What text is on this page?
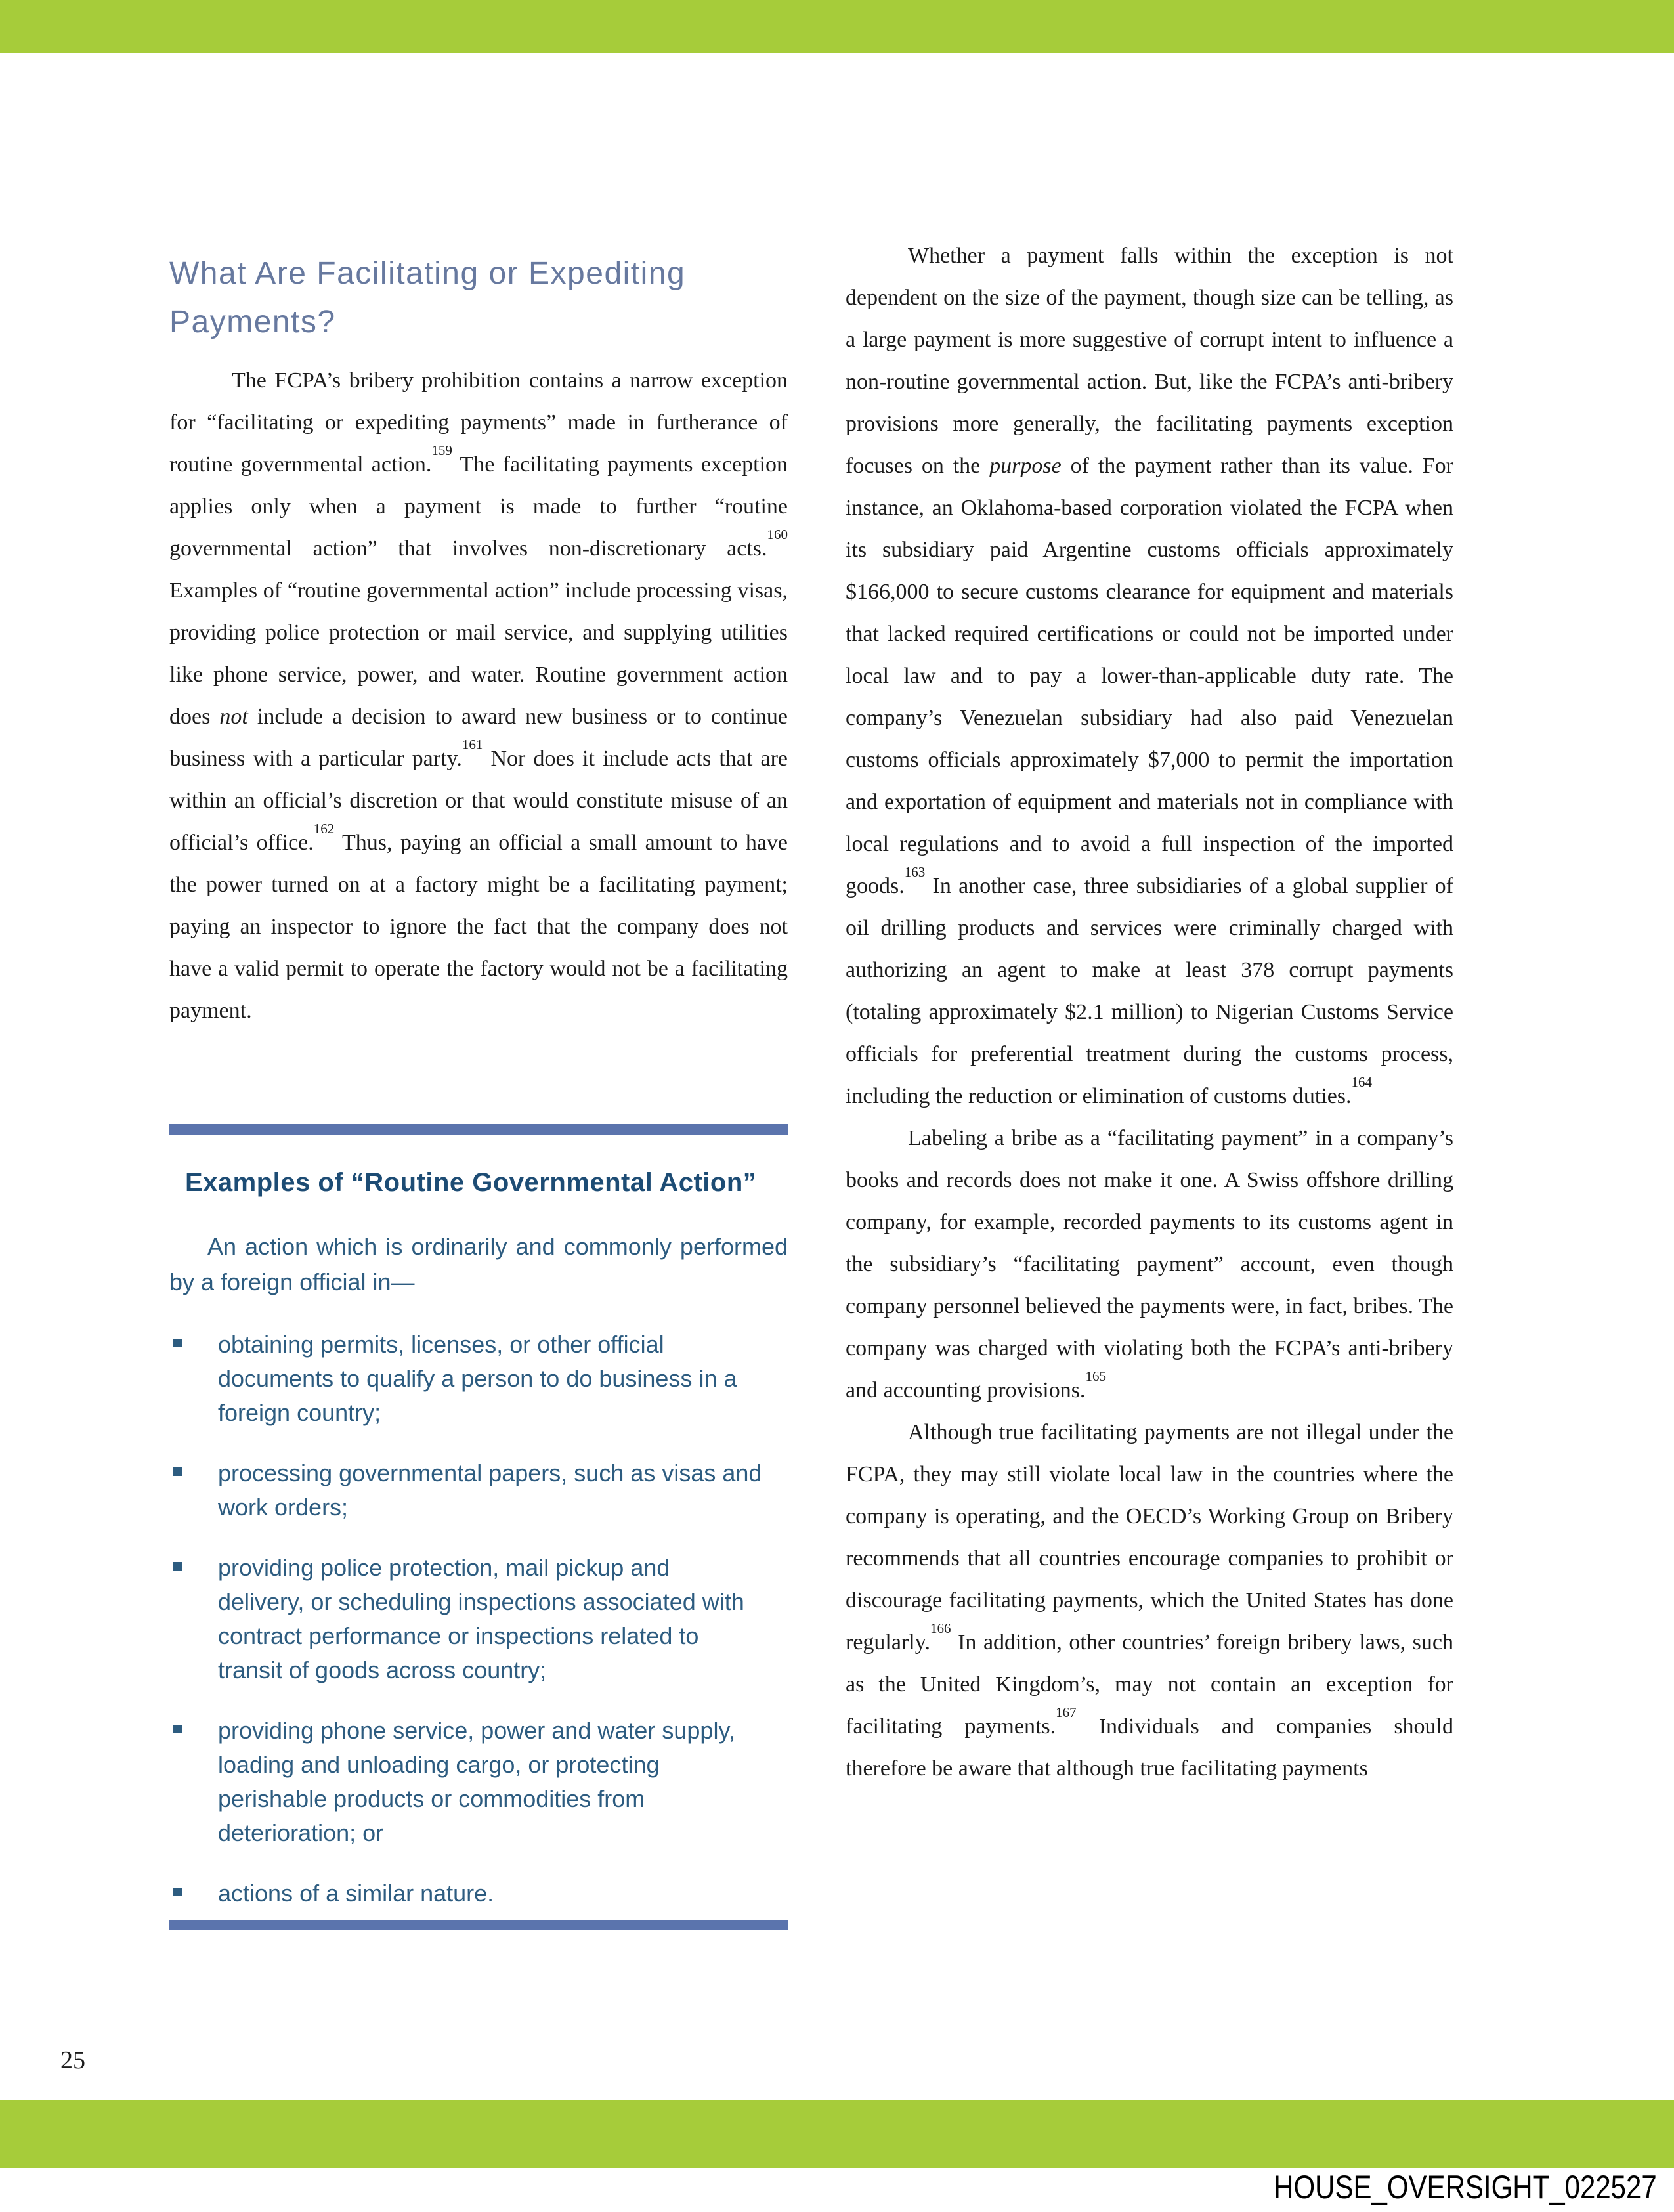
What Are Facilitating or Expediting
Payments?

The FCPA’s bribery prohibition contains a narrow exception for “facilitating or expediting payments” made in furtherance of routine governmental action.$^{159}$ The facilitating payments exception applies only when a payment is made to further “routine governmental action” that involves non-discretionary acts.$^{160}$ Examples of “routine governmental action” include processing visas, providing police protection or mail service, and supplying utilities like phone service, power, and water. Routine government action does not include a decision to award new business or to continue business with a particular party.$^{161}$ Nor does it include acts that are within an official’s discretion or that would constitute misuse of an official’s office.$^{162}$ Thus, paying an official a small amount to have the power turned on at a factory might be a facilitating payment; paying an inspector to ignore the fact that the company does not have a valid permit to operate the factory would not be a facilitating payment.

Examples of “Routine Governmental Action”

An action which is ordinarily and commonly performed by a foreign official in—

obtaining permits, licenses, or other official
documents to qualify a person to do business in a
foreign country;
processing governmental papers, such as visas and
work orders;
providing police protection, mail pickup and
delivery, or scheduling inspections associated with
contract performance or inspections related to
transit of goods across country;
providing phone service, power and water supply,
loading and unloading cargo, or protecting
perishable products or commodities from
deterioration; or
actions of a similar nature.

Whether a payment falls within the exception is not dependent on the size of the payment, though size can be telling, as a large payment is more suggestive of corrupt intent to influence a non-routine governmental action. But, like the FCPA’s anti-bribery provisions more generally, the facilitating payments exception focuses on the purpose of the payment rather than its value. For instance, an Oklahoma-based corporation violated the FCPA when its subsidiary paid Argentine customs officials approximately $166,000 to secure customs clearance for equipment and materials that lacked required certifications or could not be imported under local law and to pay a lower-than-applicable duty rate. The company’s Venezuelan subsidiary had also paid Venezuelan customs officials approximately $7,000 to permit the importation and exportation of equipment and materials not in compliance with local regulations and to avoid a full inspection of the imported goods.$^{163}$ In another case, three subsidiaries of a global supplier of oil drilling products and services were criminally charged with authorizing an agent to make at least 378 corrupt payments (totaling approximately $2.1 million) to Nigerian Customs Service officials for preferential treatment during the customs process, including the reduction or elimination of customs duties.$^{164}$

Labeling a bribe as a “facilitating payment” in a company’s books and records does not make it one. A Swiss offshore drilling company, for example, recorded payments to its customs agent in the subsidiary’s “facilitating payment” account, even though company personnel believed the payments were, in fact, bribes. The company was charged with violating both the FCPA’s anti-bribery and accounting provisions.$^{165}$

Although true facilitating payments are not illegal under the FCPA, they may still violate local law in the countries where the company is operating, and the OECD’s Working Group on Bribery recommends that all countries encourage companies to prohibit or discourage facilitating payments, which the United States has done regularly.$^{166}$ In addition, other countries’ foreign bribery laws, such as the United Kingdom’s, may not contain an exception for facilitating payments.$^{167}$ Individuals and companies should therefore be aware that although true facilitating payments

25
HOUSE_OVERSIGHT_022527
